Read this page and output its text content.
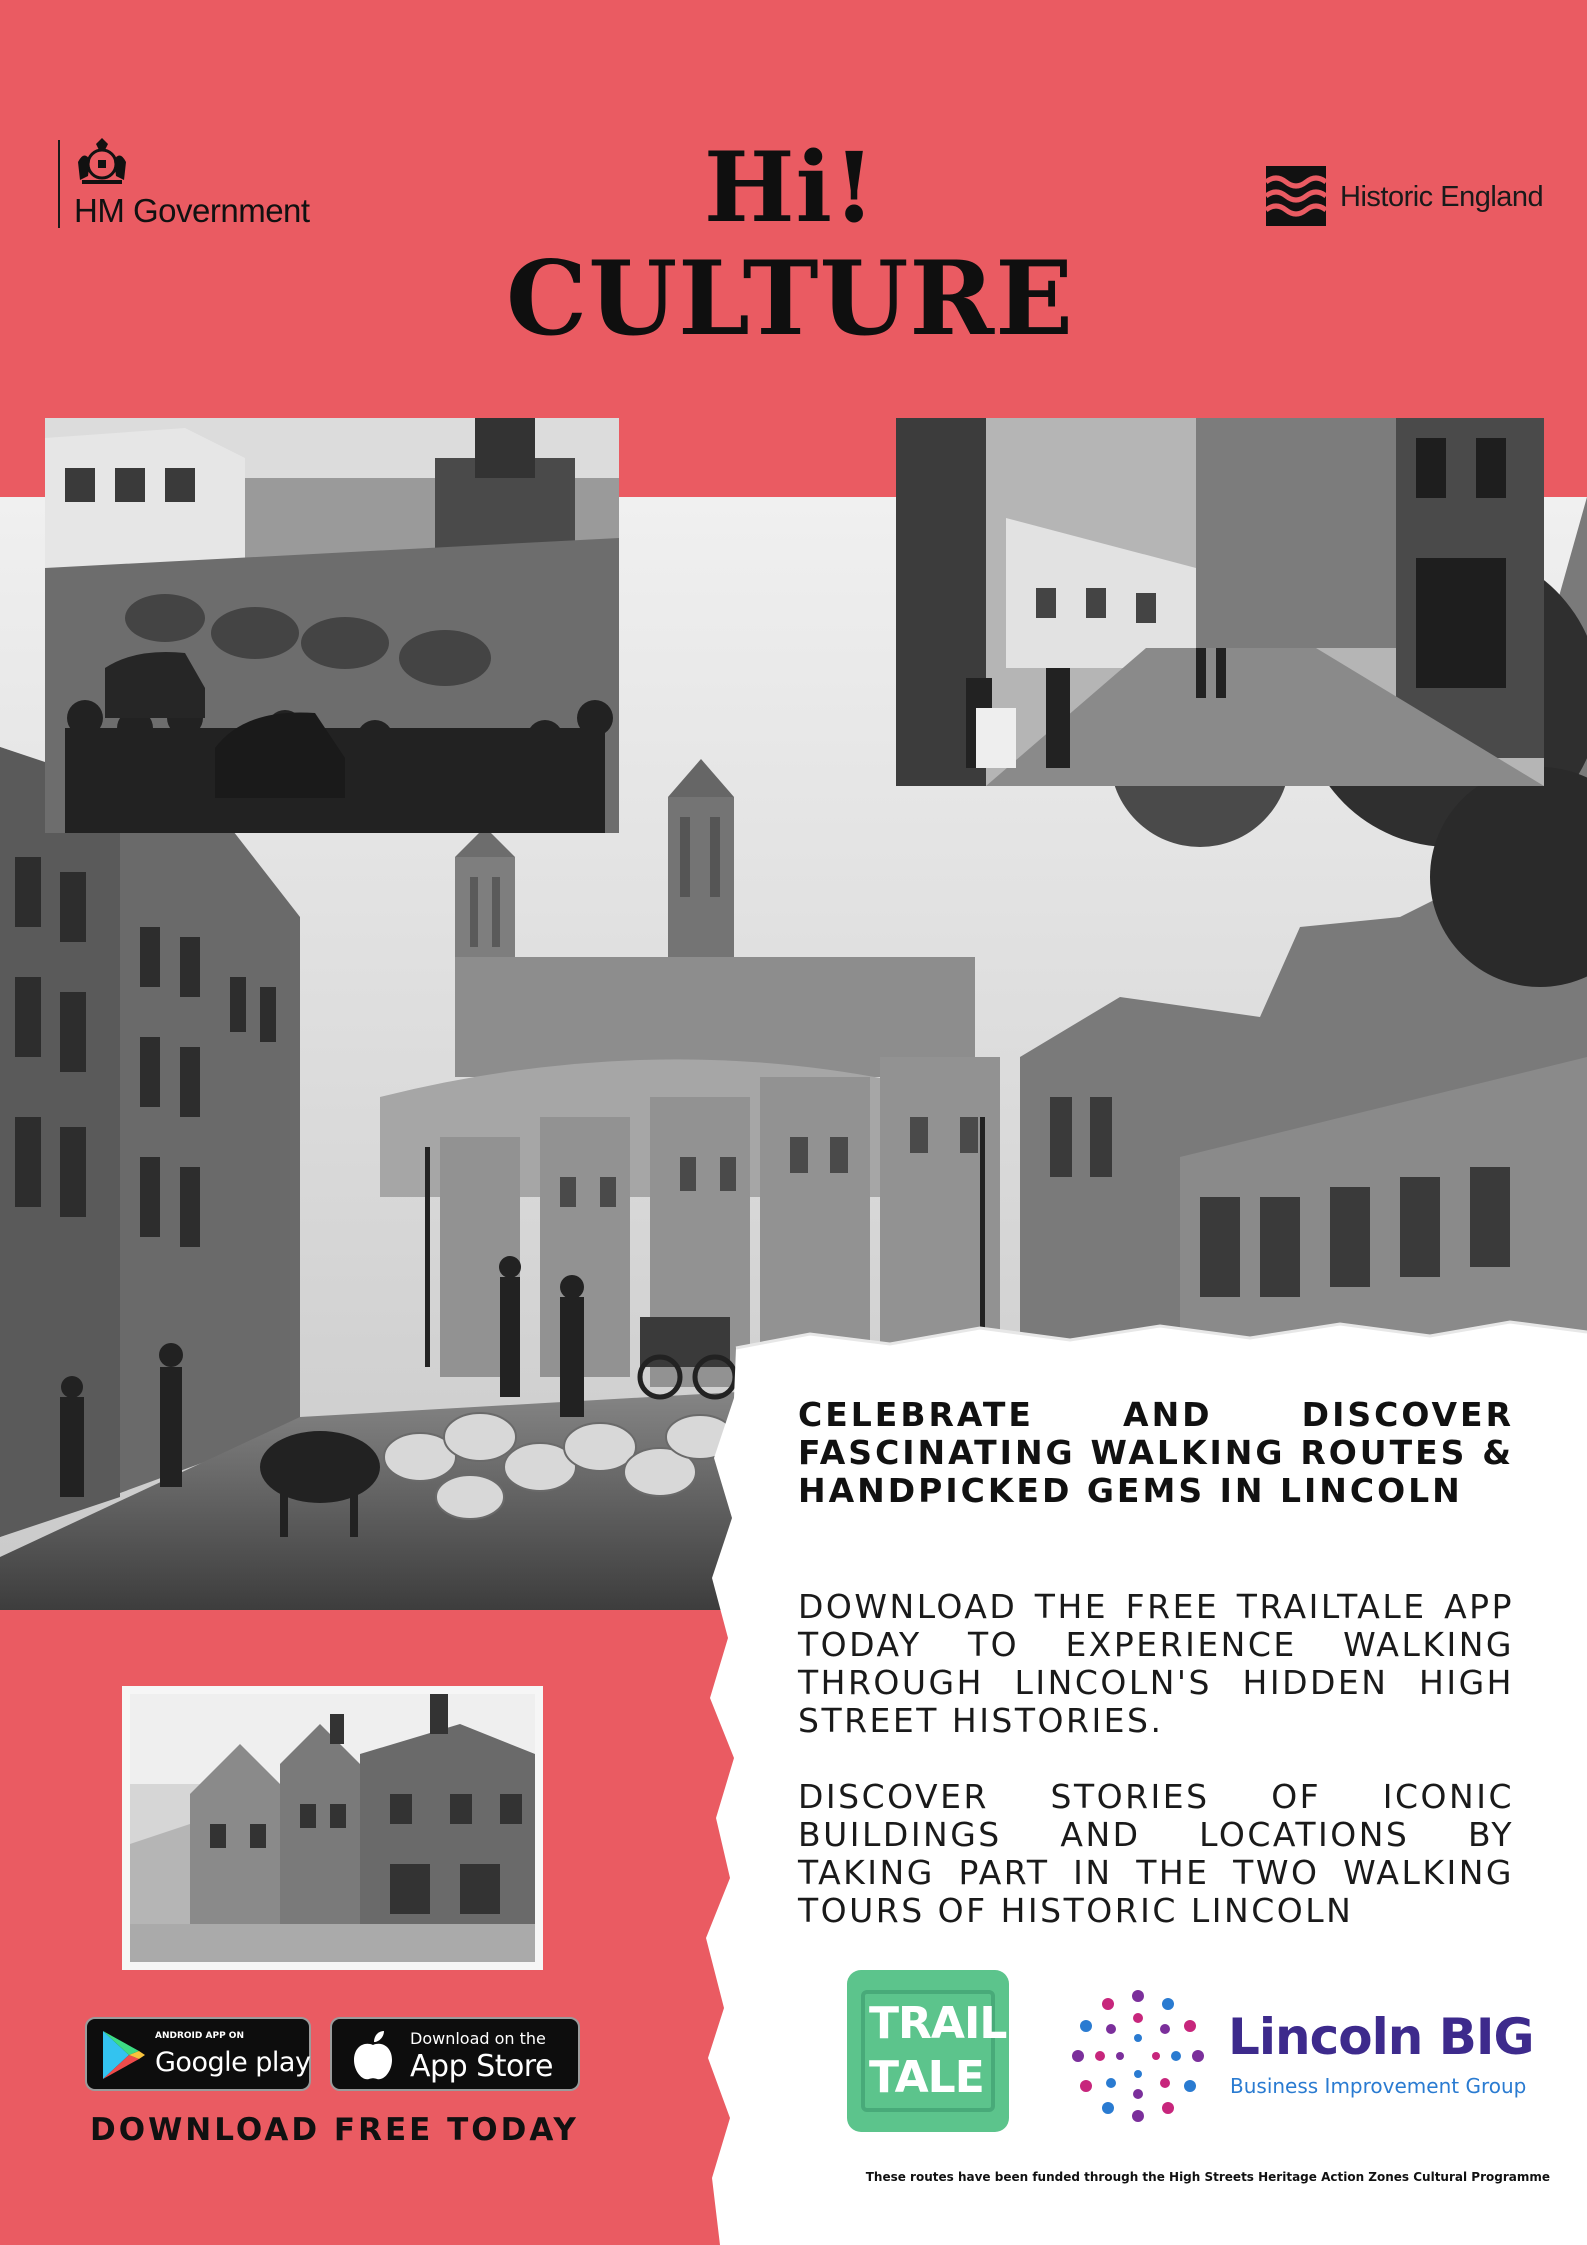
HM Government	Hi!
CULTURE
Historic England

CELEBRATE AND DISCOVER FASCINATING WALKING ROUTES & HANDPICKED GEMS IN LINCOLN

DOWNLOAD THE FREE TRAILTALE APP TODAY TO EXPERIENCE WALKING THROUGH LINCOLN'S HIDDEN HIGH STREET HISTORIES.

DISCOVER STORIES OF ICONIC BUILDINGS AND LOCATIONS BY TAKING PART IN THE TWO WALKING TOURS OF HISTORIC LINCOLN

TRAIL
TALE
Lincoln BIG
Business Improvement Group
These routes have been funded through the High Streets Heritage Action Zones Cultural Programme
ANDROID APP ON
Google play
Download on the
App Store
DOWNLOAD FREE TODAY
